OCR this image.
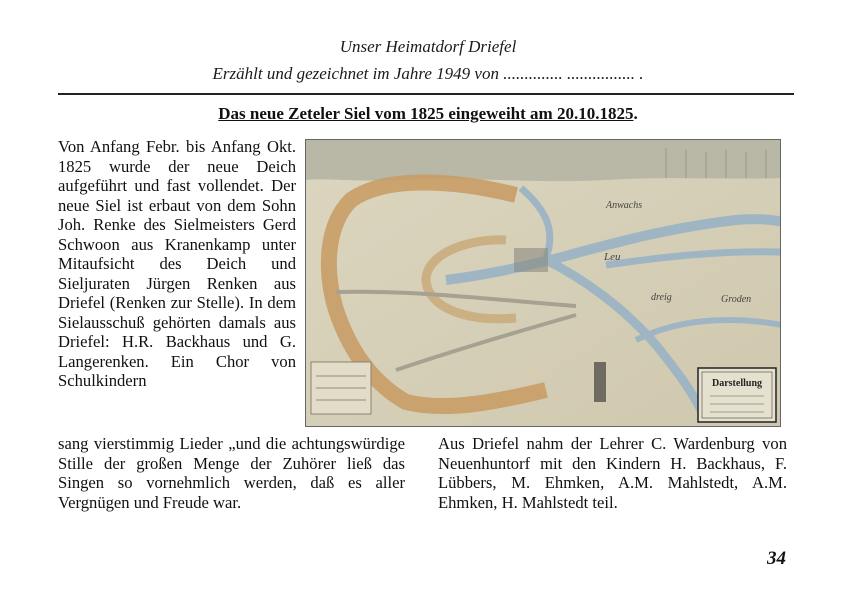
Unser Heimatdorf Driefel
Erzählt und gezeichnet im Jahre 1949 von .............. ................ .
Das neue Zeteler Siel vom 1825 eingeweiht am 20.10.1825.
Von Anfang Febr. bis Anfang Okt. 1825 wurde der neue Deich aufgeführt und fast vollendet. Der neue Siel ist erbaut von dem Sohn Joh. Renke des Sielmeisters Gerd Schwoon aus Kranenkamp unter Mitaufsicht des Deich und Sieljuraten Jürgen Renken aus Driefel (Renken zur Stelle). In dem Sielausschuß gehörten damals aus Driefel: H.R. Backhaus und G. Langerenken. Ein Chor von Schulkindern	Darstellung
Anwachs
Leu
dreig	Groden
sang vierstimmig Lieder „und die achtungswürdige Stille der großen Menge der Zuhörer ließ das Singen so vornehmlich werden, daß es aller Vergnügen und Freude war.
Aus Driefel nahm der Lehrer C. Wardenburg von Neuenhuntorf mit den Kindern H. Backhaus, F. Lübbers, M. Ehmken, A.M. Mahlstedt, A.M. Ehmken, H. Mahlstedt teil.
34
